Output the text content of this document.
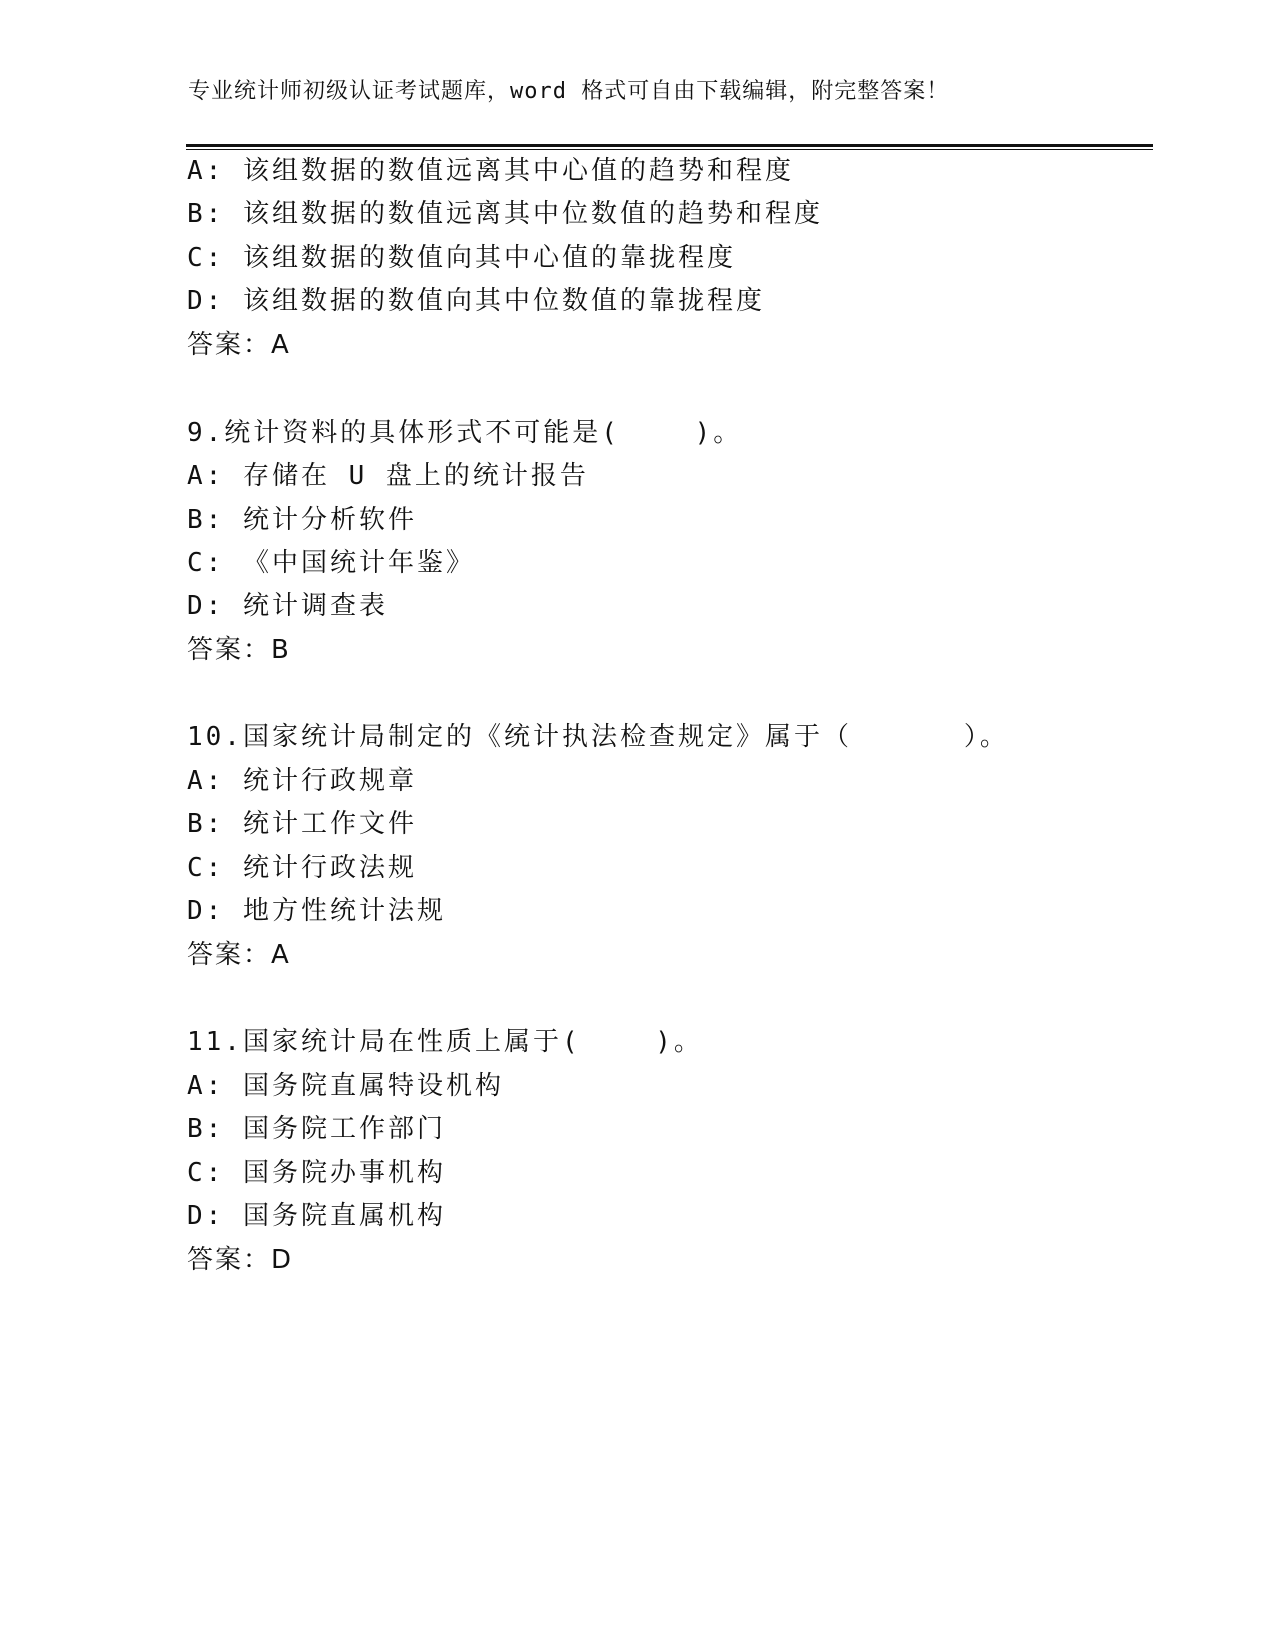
专业统计师初级认证考试题库，word 格式可自由下载编辑，附完整答案！
A: 该组数据的数值远离其中心值的趋势和程度
B: 该组数据的数值远离其中位数值的趋势和程度
C: 该组数据的数值向其中心值的靠拢程度
D: 该组数据的数值向其中位数值的靠拢程度
答案：A
9.统计资料的具体形式不可能是(    )。
A: 存储在 U 盘上的统计报告
B: 统计分析软件
C: 《中国统计年鉴》
D: 统计调查表
答案：B
10.国家统计局制定的《统计执法检查规定》属于（      ）。
A: 统计行政规章
B: 统计工作文件
C: 统计行政法规
D: 地方性统计法规
答案：A
11.国家统计局在性质上属于(    )。
A: 国务院直属特设机构
B: 国务院工作部门
C: 国务院办事机构
D: 国务院直属机构
答案：D
